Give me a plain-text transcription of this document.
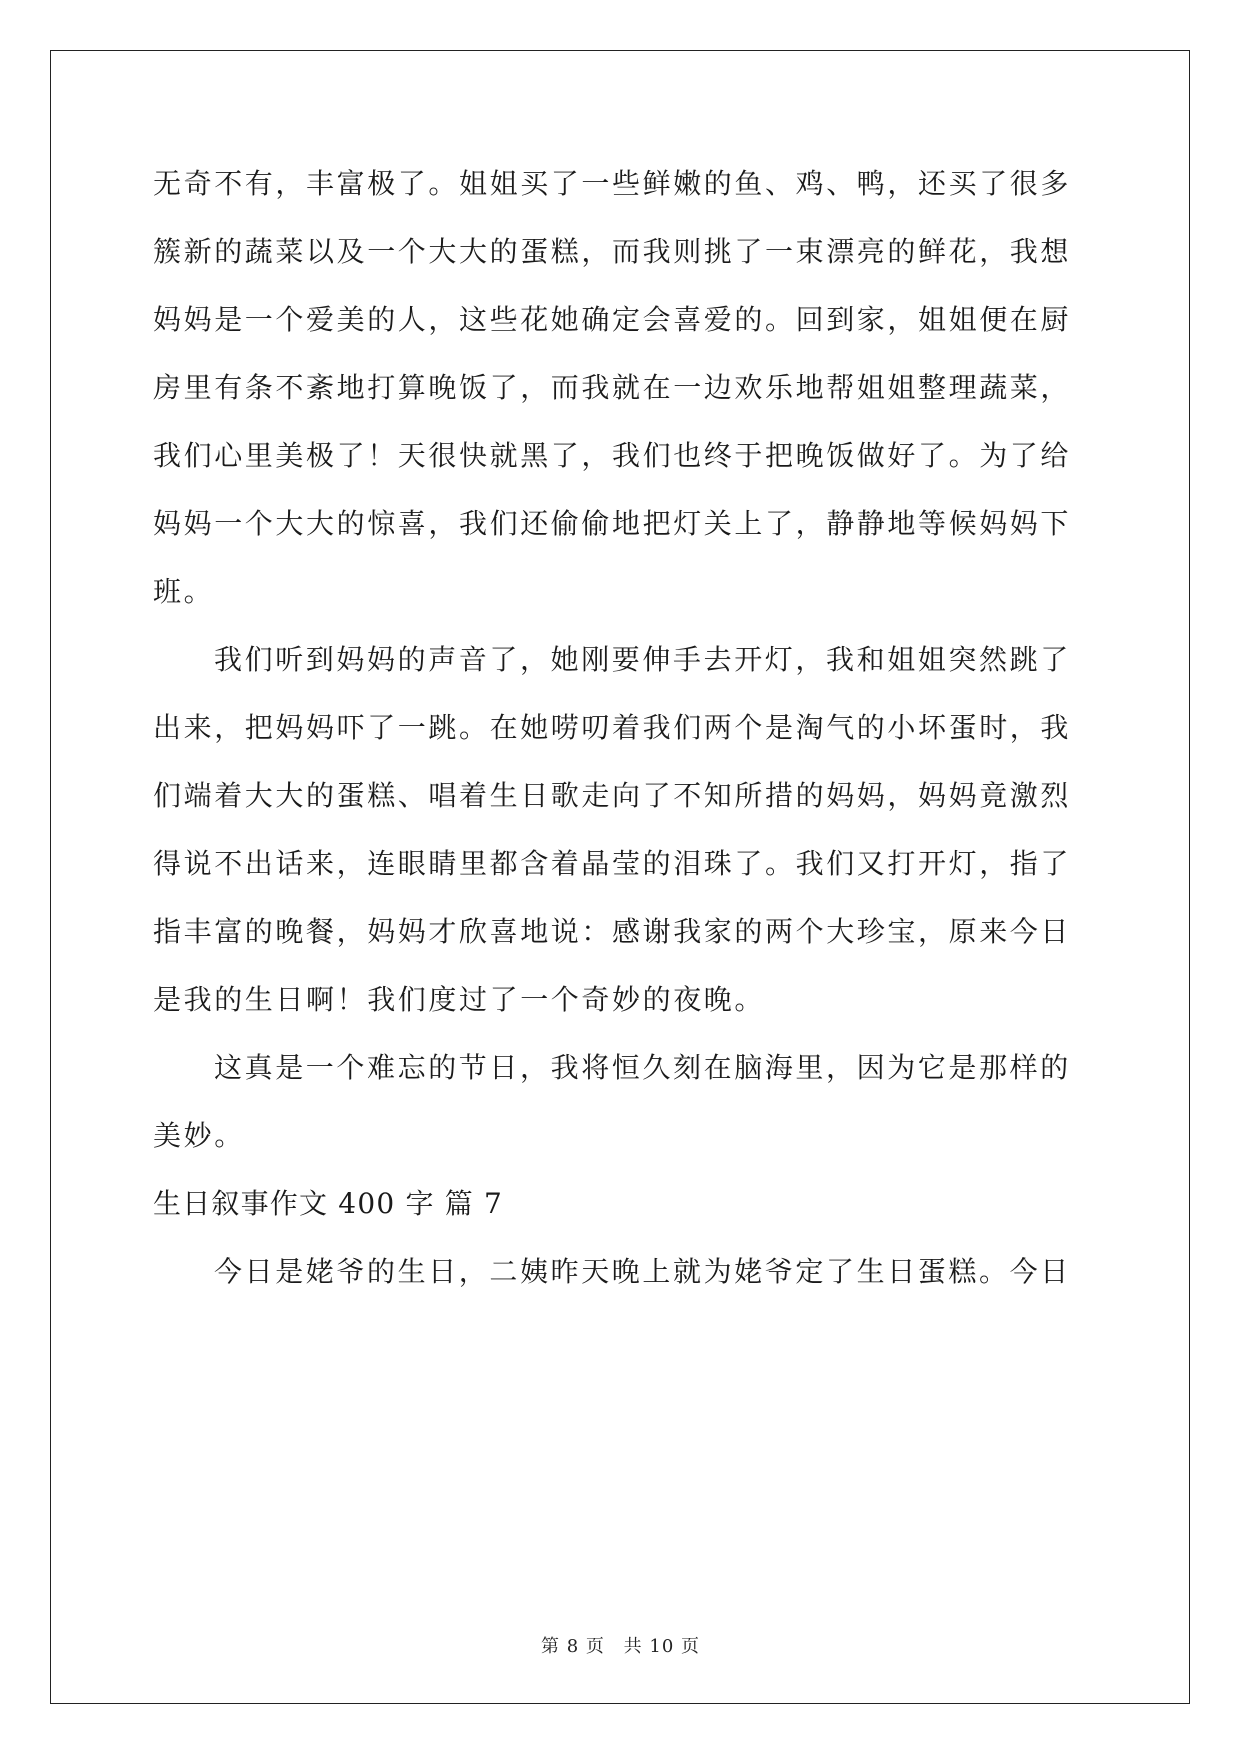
无奇不有，丰富极了。姐姐买了一些鲜嫩的鱼、鸡、鸭，还买了很多
簇新的蔬菜以及一个大大的蛋糕，而我则挑了一束漂亮的鲜花，我想
妈妈是一个爱美的人，这些花她确定会喜爱的。回到家，姐姐便在厨
房里有条不紊地打算晚饭了，而我就在一边欢乐地帮姐姐整理蔬菜，
我们心里美极了！天很快就黑了，我们也终于把晚饭做好了。为了给
妈妈一个大大的惊喜，我们还偷偷地把灯关上了，静静地等候妈妈下
班。
我们听到妈妈的声音了，她刚要伸手去开灯，我和姐姐突然跳了
出来，把妈妈吓了一跳。在她唠叨着我们两个是淘气的小坏蛋时，我
们端着大大的蛋糕、唱着生日歌走向了不知所措的妈妈，妈妈竟激烈
得说不出话来，连眼睛里都含着晶莹的泪珠了。我们又打开灯，指了
指丰富的晚餐，妈妈才欣喜地说：感谢我家的两个大珍宝，原来今日
是我的生日啊！我们度过了一个奇妙的夜晚。
这真是一个难忘的节日，我将恒久刻在脑海里，因为它是那样的
美妙。
生日叙事作文 400 字 篇 7
今日是姥爷的生日，二姨昨天晚上就为姥爷定了生日蛋糕。今日
第 8 页 共 10 页
